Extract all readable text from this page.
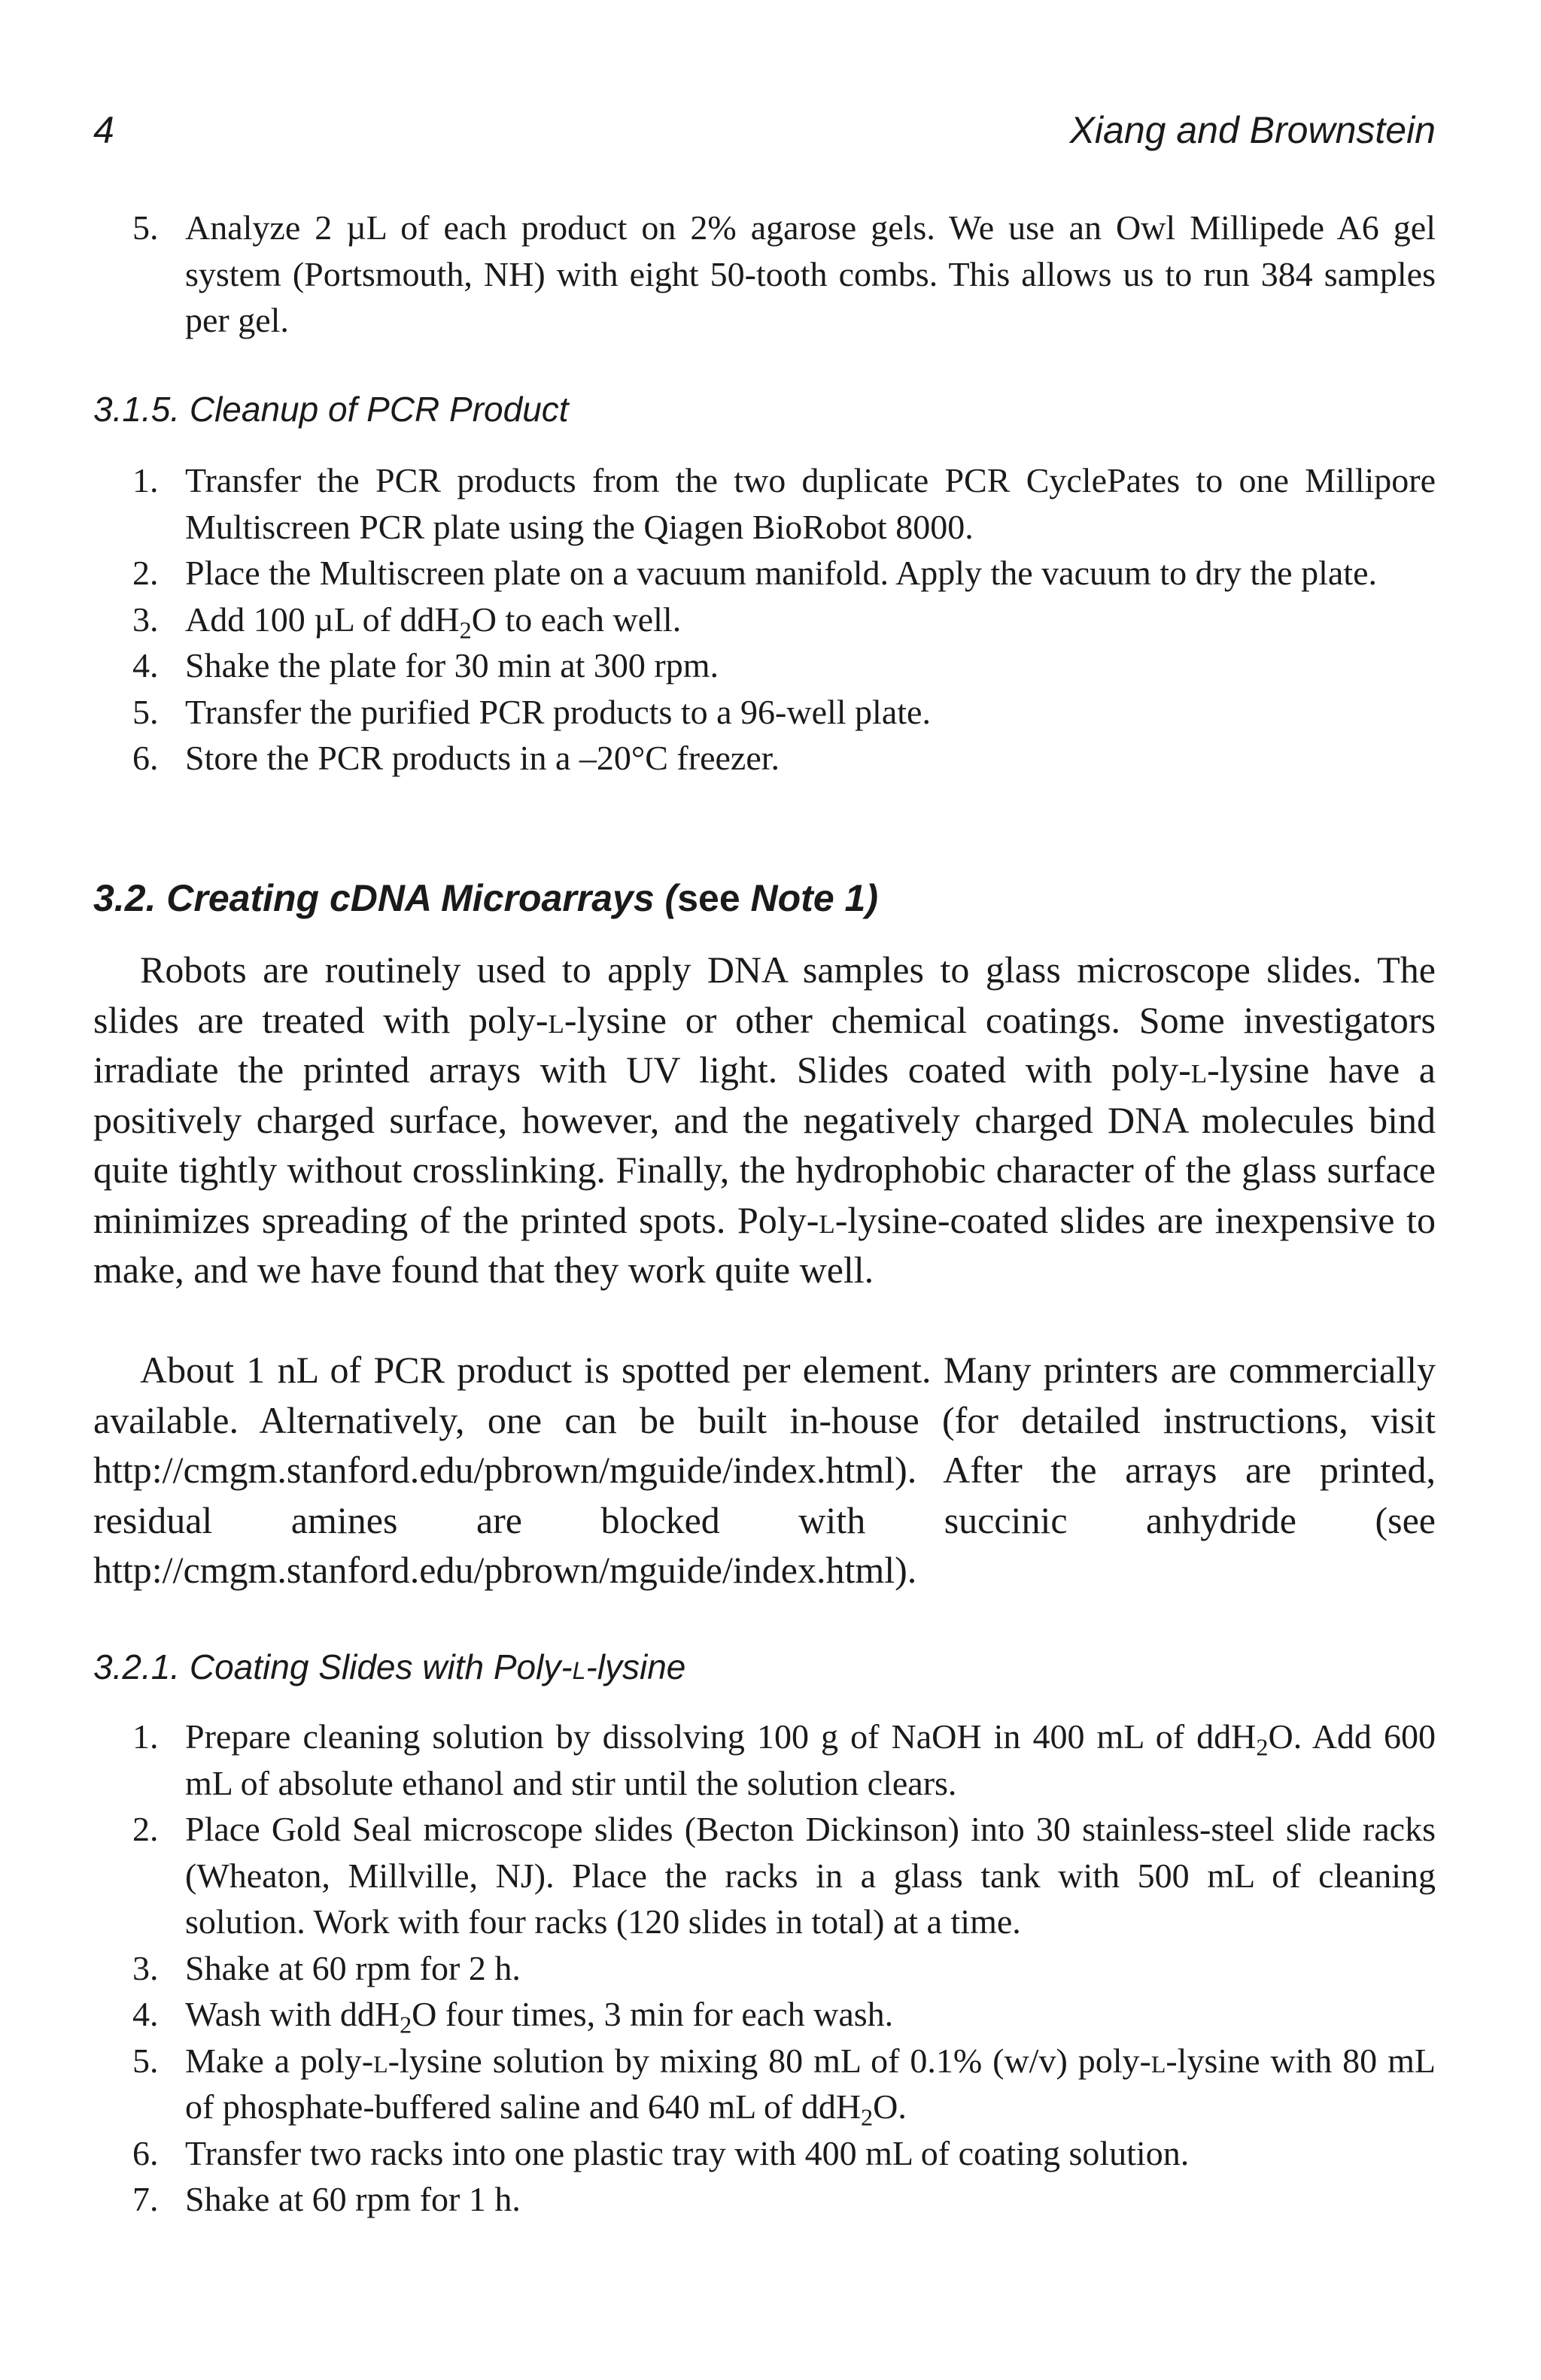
4	Xiang and Brownstein
5. Analyze 2 µL of each product on 2% agarose gels. We use an Owl Millipede A6 gel system (Portsmouth, NH) with eight 50-tooth combs. This allows us to run 384 samples per gel.
3.1.5. Cleanup of PCR Product
1. Transfer the PCR products from the two duplicate PCR CyclePates to one Millipore Multiscreen PCR plate using the Qiagen BioRobot 8000.
2. Place the Multiscreen plate on a vacuum manifold. Apply the vacuum to dry the plate.
3. Add 100 µL of ddH$_2$O to each well.
4. Shake the plate for 30 min at 300 rpm.
5. Transfer the purified PCR products to a 96-well plate.
6. Store the PCR products in a –20°C freezer.
3.2. Creating cDNA Microarrays (see Note 1)

Robots are routinely used to apply DNA samples to glass microscope slides. The slides are treated with poly-l-lysine or other chemical coatings. Some investigators irradiate the printed arrays with UV light. Slides coated with poly-l-lysine have a positively charged surface, however, and the negatively charged DNA molecules bind quite tightly without crosslinking. Finally, the hydrophobic character of the glass surface minimizes spreading of the printed spots. Poly-l-lysine-coated slides are inexpensive to make, and we have found that they work quite well.

About 1 nL of PCR product is spotted per element. Many printers are commercially available. Alternatively, one can be built in-house (for detailed instructions, visit http://cmgm.stanford.edu/pbrown/mguide/index.html). After the arrays are printed, residual amines are blocked with succinic anhydride (see http://cmgm.stanford.edu/pbrown/mguide/index.html).

3.2.1. Coating Slides with Poly-l-lysine
1. Prepare cleaning solution by dissolving 100 g of NaOH in 400 mL of ddH$_2$O. Add 600 mL of absolute ethanol and stir until the solution clears.
2. Place Gold Seal microscope slides (Becton Dickinson) into 30 stainless-steel slide racks (Wheaton, Millville, NJ). Place the racks in a glass tank with 500 mL of cleaning solution. Work with four racks (120 slides in total) at a time.
3. Shake at 60 rpm for 2 h.
4. Wash with ddH$_2$O four times, 3 min for each wash.
5. Make a poly-l-lysine solution by mixing 80 mL of 0.1% (w/v) poly-l-lysine with 80 mL of phosphate-buffered saline and 640 mL of ddH$_2$O.
6. Transfer two racks into one plastic tray with 400 mL of coating solution.
7. Shake at 60 rpm for 1 h.
